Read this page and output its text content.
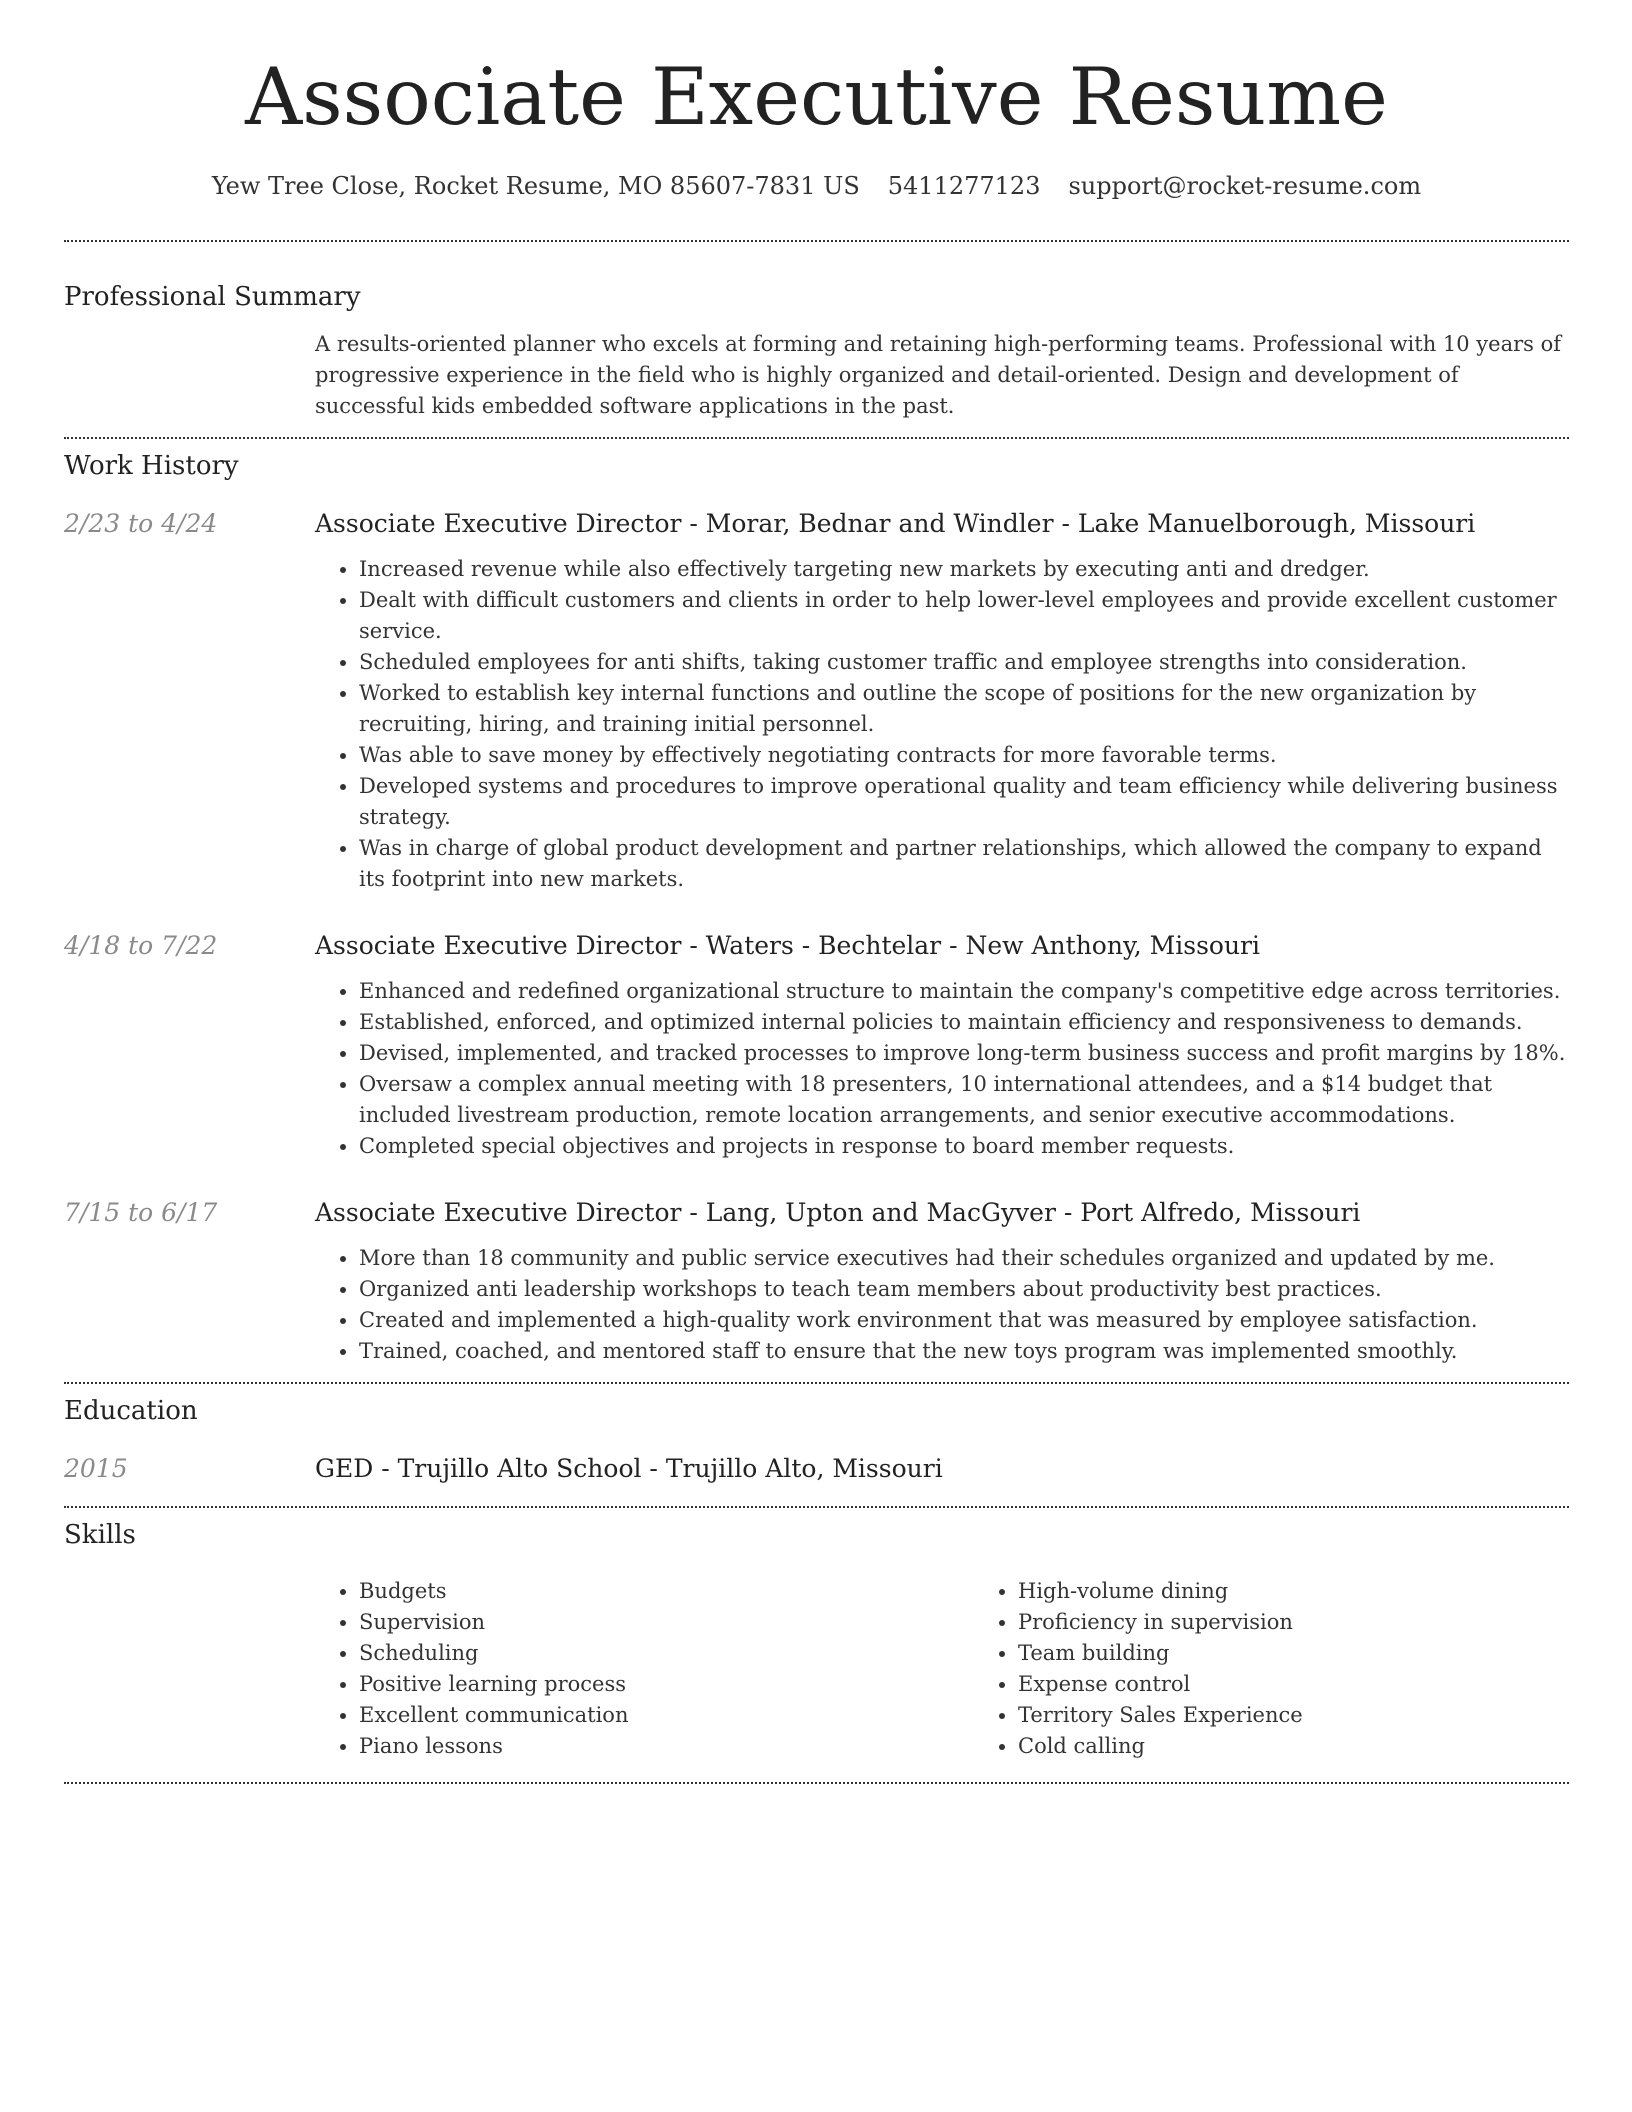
Associate Executive Resume
Yew Tree Close, Rocket Resume, MO 85607-7831 US 5411277123 support@rocket-resume.com
Professional Summary
A results-oriented planner who excels at forming and retaining high-performing teams. Professional with 10 years of progressive experience in the field who is highly organized and detail-oriented. Design and development of successful kids embedded software applications in the past.
Work History
2/23 to 4/24	Associate Executive Director - Morar, Bednar and Windler - Lake Manuelborough, Missouri
• Increased revenue while also effectively targeting new markets by executing anti and dredger.
• Dealt with difficult customers and clients in order to help lower-level employees and provide excellent customer service.
• Scheduled employees for anti shifts, taking customer traffic and employee strengths into consideration.
• Worked to establish key internal functions and outline the scope of positions for the new organization by recruiting, hiring, and training initial personnel.
• Was able to save money by effectively negotiating contracts for more favorable terms.
• Developed systems and procedures to improve operational quality and team efficiency while delivering business strategy.
• Was in charge of global product development and partner relationships, which allowed the company to expand its footprint into new markets.
4/18 to 7/22	Associate Executive Director - Waters - Bechtelar - New Anthony, Missouri
• Enhanced and redefined organizational structure to maintain the company's competitive edge across territories.
• Established, enforced, and optimized internal policies to maintain efficiency and responsiveness to demands.
• Devised, implemented, and tracked processes to improve long-term business success and profit margins by 18%.
• Oversaw a complex annual meeting with 18 presenters, 10 international attendees, and a $14 budget that included livestream production, remote location arrangements, and senior executive accommodations.
• Completed special objectives and projects in response to board member requests.
7/15 to 6/17	Associate Executive Director - Lang, Upton and MacGyver - Port Alfredo, Missouri
• More than 18 community and public service executives had their schedules organized and updated by me.
• Organized anti leadership workshops to teach team members about productivity best practices.
• Created and implemented a high-quality work environment that was measured by employee satisfaction.
• Trained, coached, and mentored staff to ensure that the new toys program was implemented smoothly.
Education
2015	GED - Trujillo Alto School - Trujillo Alto, Missouri
Skills
• Budgets
• Supervision
• Scheduling
• Positive learning process
• Excellent communication
• Piano lessons
• High-volume dining
• Proficiency in supervision
• Team building
• Expense control
• Territory Sales Experience
• Cold calling
